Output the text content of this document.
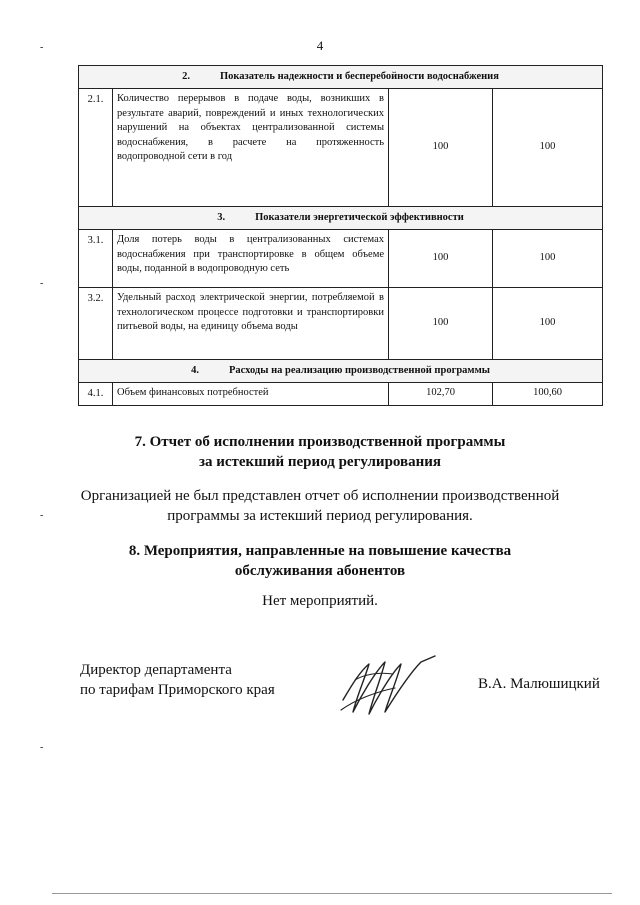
4
-
-
-
-
2. Показатель надежности и бесперебойности водоснабжения			
2.1.	Количество перерывов в подаче воды, возникших в результате аварий, повреждений и иных технологических нарушений на объектах централизованной системы водоснабжения, в расчете на протяженность водопроводной сети в год	100	100
3. Показатели энергетической эффективности			
3.1.	Доля потерь воды в централизованных системах водоснабжения при транспортировке в общем объеме воды, поданной в водопроводную сеть	100	100
3.2.	Удельный расход электрической энергии, потребляемой в технологическом процессе подготовки и транспортировки питьевой воды, на единицу объема воды	100	100
4. Расходы на реализацию производственной программы			
4.1.	Объем финансовых потребностей	102,70	100,60
7. Отчет об исполнении производственной программы
за истекший период регулирования
Организацией не был представлен отчет об исполнении производственной
программы за истекший период регулирования.
8. Мероприятия, направленные на повышение качества
обслуживания абонентов
Нет мероприятий.
Директор департамента
по тарифам Приморского края	В.А. Малюшицкий
